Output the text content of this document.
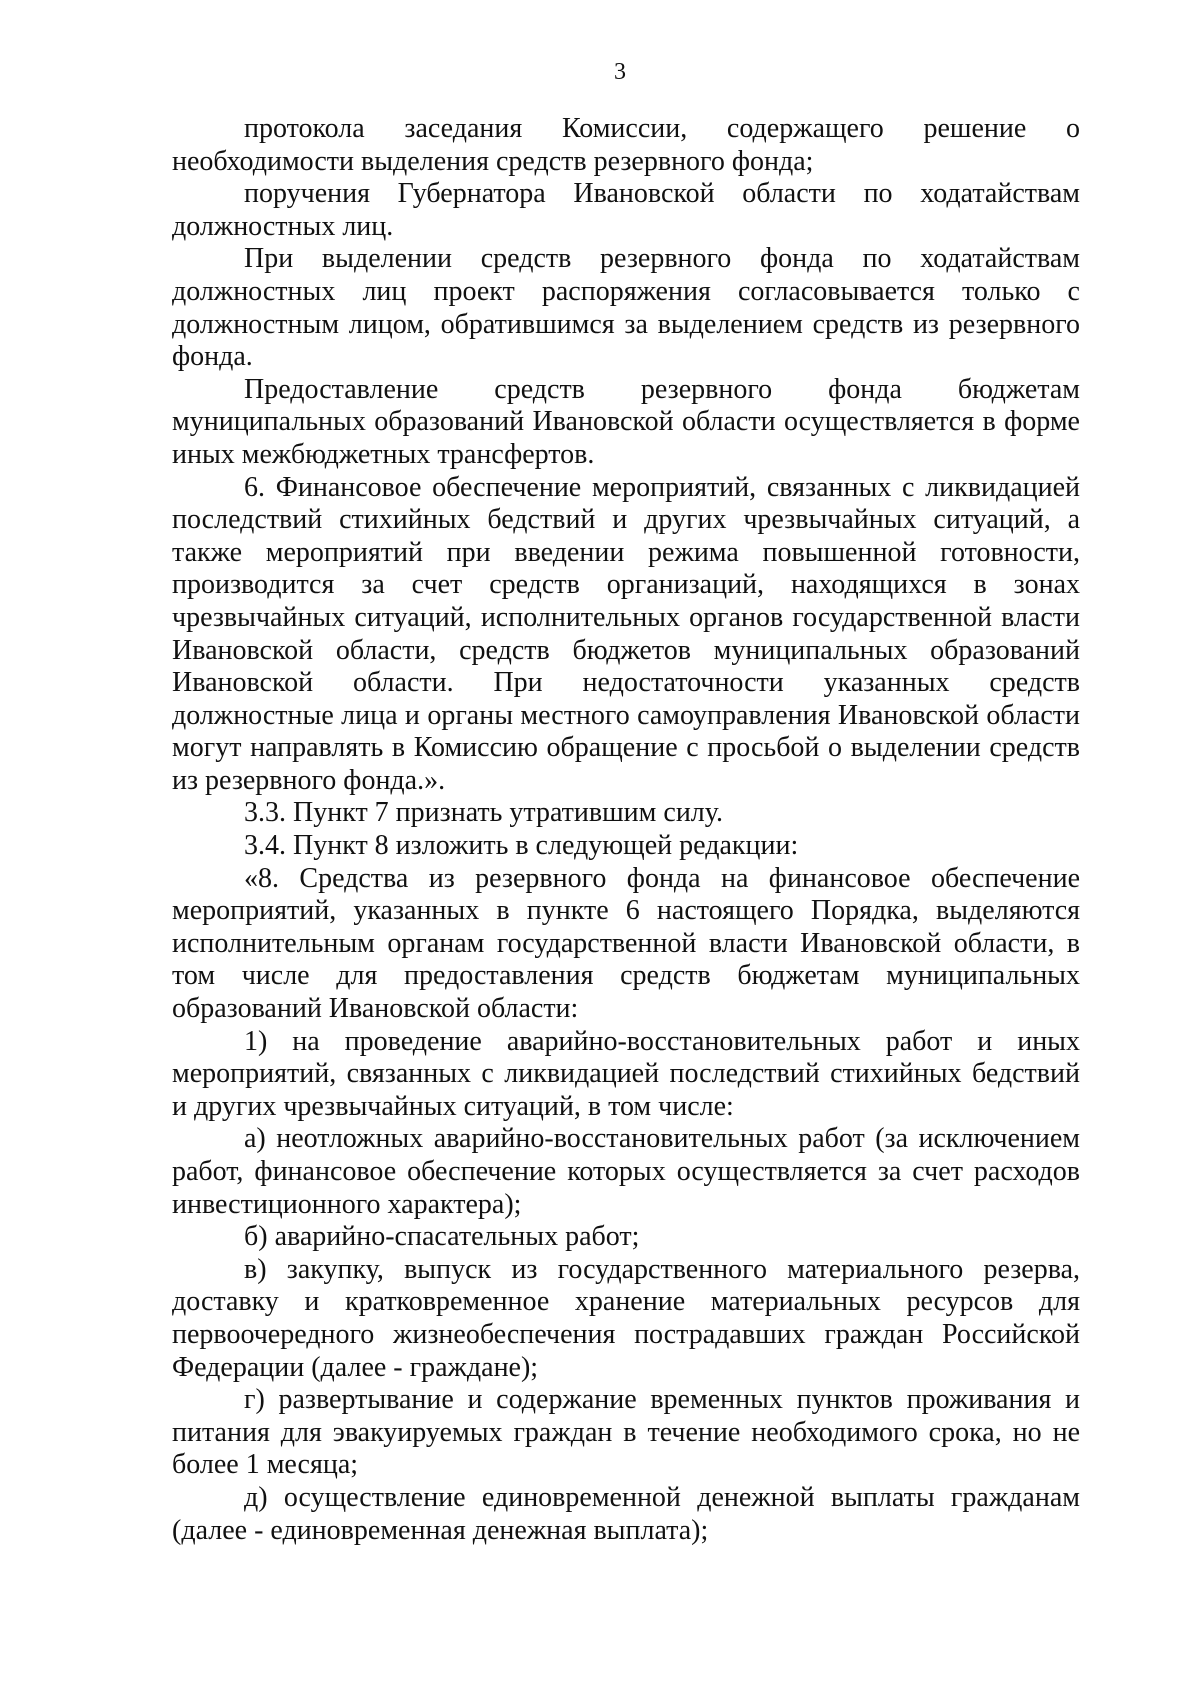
3

протокола заседания Комиссии, содержащего решение о необходимости выделения средств резервного фонда;

поручения Губернатора Ивановской области по ходатайствам должностных лиц.

При выделении средств резервного фонда по ходатайствам должностных лиц проект распоряжения согласовывается только с должностным лицом, обратившимся за выделением средств из резервного фонда.

Предоставление средств резервного фонда бюджетам муниципальных образований Ивановской области осуществляется в форме иных межбюджетных трансфертов.

6. Финансовое обеспечение мероприятий, связанных с ликвидацией последствий стихийных бедствий и других чрезвычайных ситуаций, а также мероприятий при введении режима повышенной готовности, производится за счет средств организаций, находящихся в зонах чрезвычайных ситуаций, исполнительных органов государственной власти Ивановской области, средств бюджетов муниципальных образований Ивановской области. При недостаточности указанных средств должностные лица и органы местного самоуправления Ивановской области могут направлять в Комиссию обращение с просьбой о выделении средств из резервного фонда.».

3.3. Пункт 7 признать утратившим силу.

3.4. Пункт 8 изложить в следующей редакции:

«8. Средства из резервного фонда на финансовое обеспечение мероприятий, указанных в пункте 6 настоящего Порядка, выделяются исполнительным органам государственной власти Ивановской области, в том числе для предоставления средств бюджетам муниципальных образований Ивановской области:

1) на проведение аварийно-восстановительных работ и иных мероприятий, связанных с ликвидацией последствий стихийных бедствий и других чрезвычайных ситуаций, в том числе:

а) неотложных аварийно-восстановительных работ (за исключением работ, финансовое обеспечение которых осуществляется за счет расходов инвестиционного характера);

б) аварийно-спасательных работ;

в) закупку, выпуск из государственного материального резерва, доставку и кратковременное хранение материальных ресурсов для первоочередного жизнеобеспечения пострадавших граждан Российской Федерации (далее - граждане);

г) развертывание и содержание временных пунктов проживания и питания для эвакуируемых граждан в течение необходимого срока, но не более 1 месяца;

д) осуществление единовременной денежной выплаты гражданам (далее - единовременная денежная выплата);
